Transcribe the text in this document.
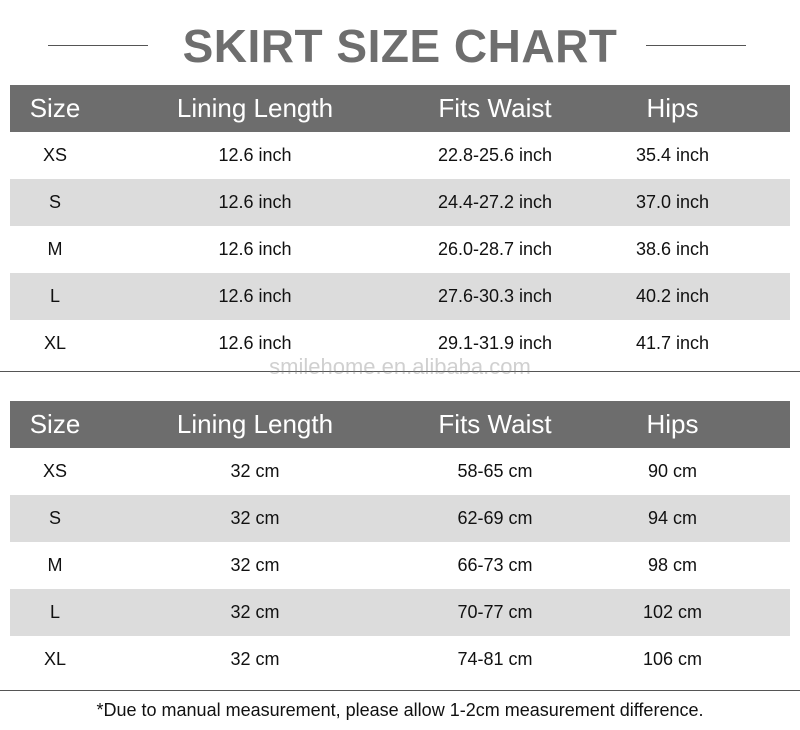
SKIRT SIZE CHART
Size	Lining Length	Fits Waist	Hips
XS	12.6 inch	22.8-25.6 inch	35.4 inch
S	12.6 inch	24.4-27.2 inch	37.0 inch
M	12.6 inch	26.0-28.7 inch	38.6 inch
L	12.6 inch	27.6-30.3 inch	40.2 inch
XL	12.6 inch	29.1-31.9 inch	41.7 inch
smilehome.en.alibaba.com
Size	Lining Length	Fits Waist	Hips
XS	32 cm	58-65 cm	90 cm
S	32 cm	62-69 cm	94 cm
M	32 cm	66-73 cm	98 cm
L	32 cm	70-77 cm	102 cm
XL	32 cm	74-81 cm	106 cm
*Due to manual measurement, please allow 1-2cm measurement difference.
